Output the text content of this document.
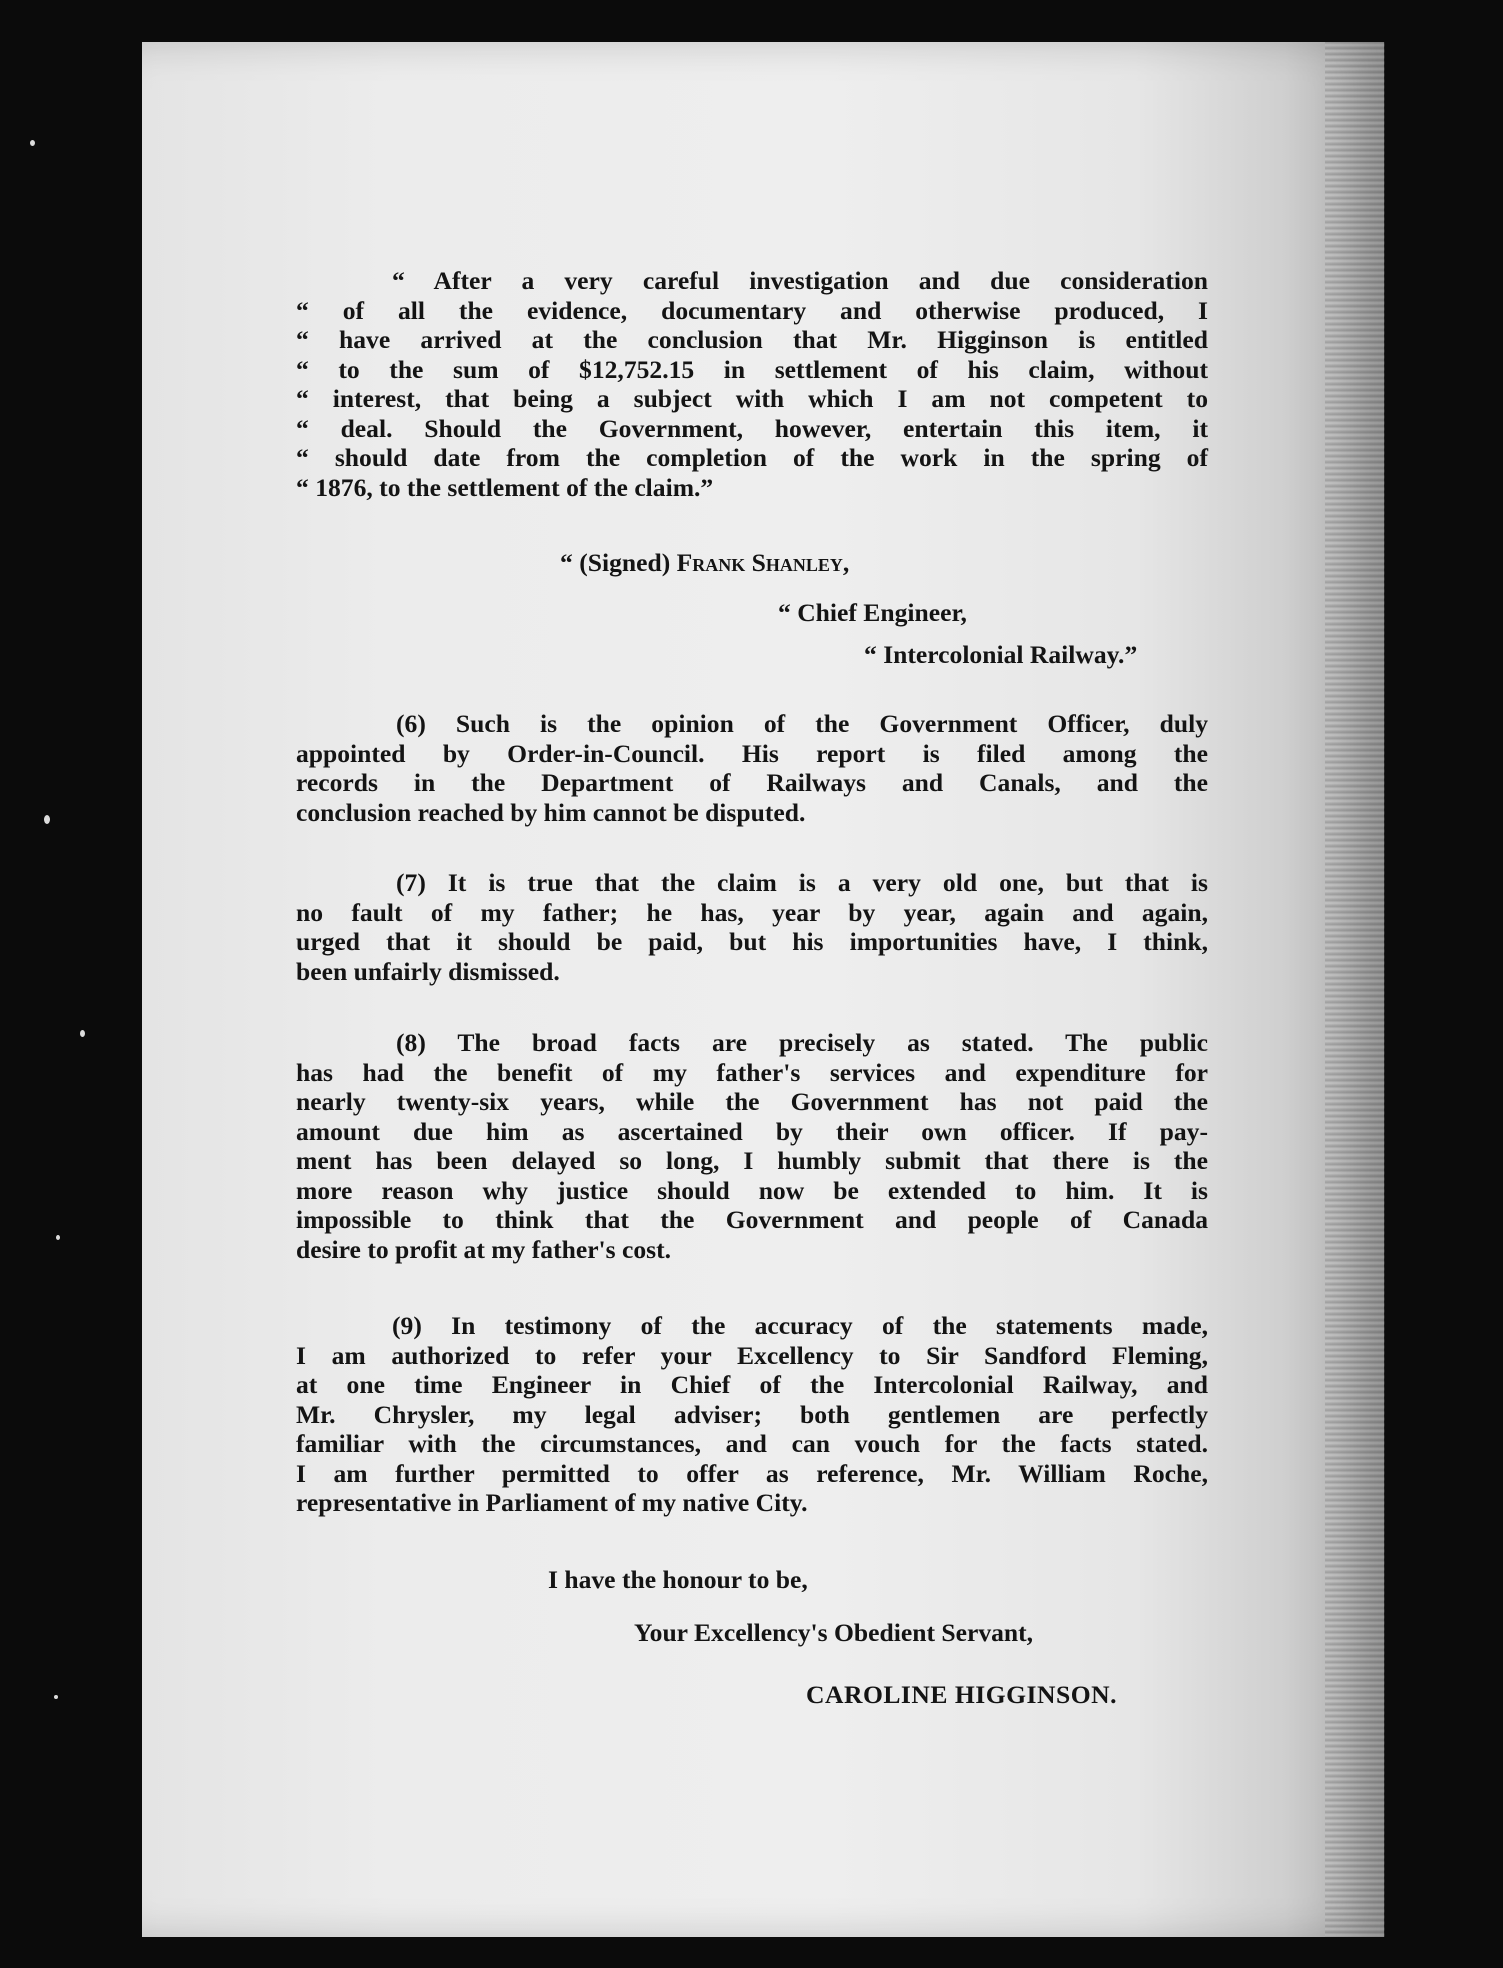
“ After a very careful investigation and due consideration
“ of all the evidence, documentary and otherwise produced, I
“ have arrived at the conclusion that Mr. Higginson is entitled
“ to the sum of $12,752.15 in settlement of his claim, without
“ interest, that being a subject with which I am not competent to
“ deal. Should the Government, however, entertain this item, it
“ should date from the completion of the work in the spring of
“ 1876, to the settlement of the claim.”
“ (Signed) Frank Shanley,
“ Chief Engineer,
“ Intercolonial Railway.”
(6) Such is the opinion of the Government Officer, duly
appointed by Order-in-Council. His report is filed among the
records in the Department of Railways and Canals, and the
conclusion reached by him cannot be disputed.
(7) It is true that the claim is a very old one, but that is
no fault of my father; he has, year by year, again and again,
urged that it should be paid, but his importunities have, I think,
been unfairly dismissed.
(8) The broad facts are precisely as stated. The public
has had the benefit of my father's services and expenditure for
nearly twenty-six years, while the Government has not paid the
amount due him as ascertained by their own officer. If pay-
ment has been delayed so long, I humbly submit that there is the
more reason why justice should now be extended to him. It is
impossible to think that the Government and people of Canada
desire to profit at my father's cost.
(9) In testimony of the accuracy of the statements made,
I am authorized to refer your Excellency to Sir Sandford Fleming,
at one time Engineer in Chief of the Intercolonial Railway, and
Mr. Chrysler, my legal adviser; both gentlemen are perfectly
familiar with the circumstances, and can vouch for the facts stated.
I am further permitted to offer as reference, Mr. William Roche,
representative in Parliament of my native City.
I have the honour to be,
Your Excellency's Obedient Servant,
CAROLINE HIGGINSON.
